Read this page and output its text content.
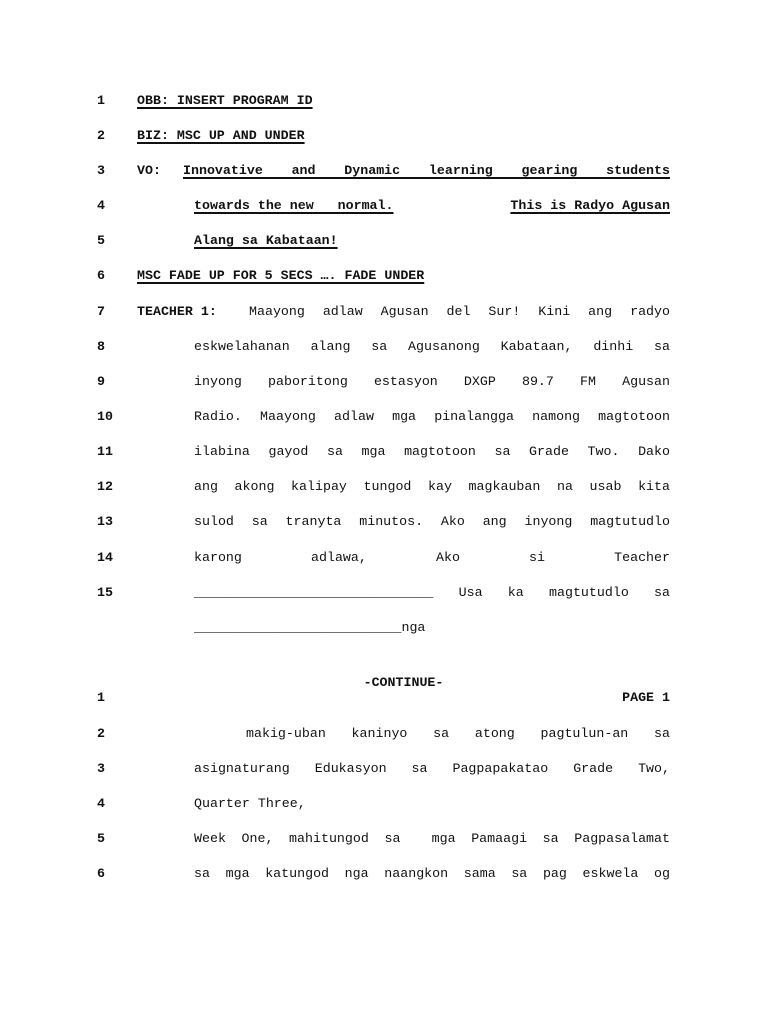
1

OBB: INSERT PROGRAM ID

2

BIZ: MSC UP AND UNDER

3

VO:

Innovative and Dynamic learning gearing students

4

	towards the new   normal.

	This is Radyo Agusan

5

	Alang sa Kabataan!

6

MSC FADE UP FOR 5 SECS …. FADE UNDER

7

TEACHER 1:

Maayong adlaw Agusan del Sur! Kini ang radyo

8

	eskwelahanan alang sa Agusanong Kabataan, dinhi sa

9

	inyong paboritong estasyon DXGP 89.7 FM Agusan

10

	Radio. Maayong adlaw mga pinalangga namong magtotoon

11

	ilabina gayod sa mga magtotoon sa Grade Two. Dako

12

	ang akong kalipay tungod kay magkauban na usab kita

13

	sulod sa tranyta minutos. Ako ang inyong magtutudlo

14

	karong adlawa, Ako si Teacher

15

	______________________________ Usa ka magtutudlo sa

__________________________nga

-CONTINUE-

1

	PAGE 1

2

	makig-uban kaninyo sa atong pagtulun-an sa

3

	asignaturang Edukasyon sa Pagpapakatao Grade Two,

4

	Quarter Three,

5

	Week One, mahitungod sa  mga Pamaagi sa Pagpasalamat

6

	sa mga katungod nga naangkon sama sa pag eskwela og
